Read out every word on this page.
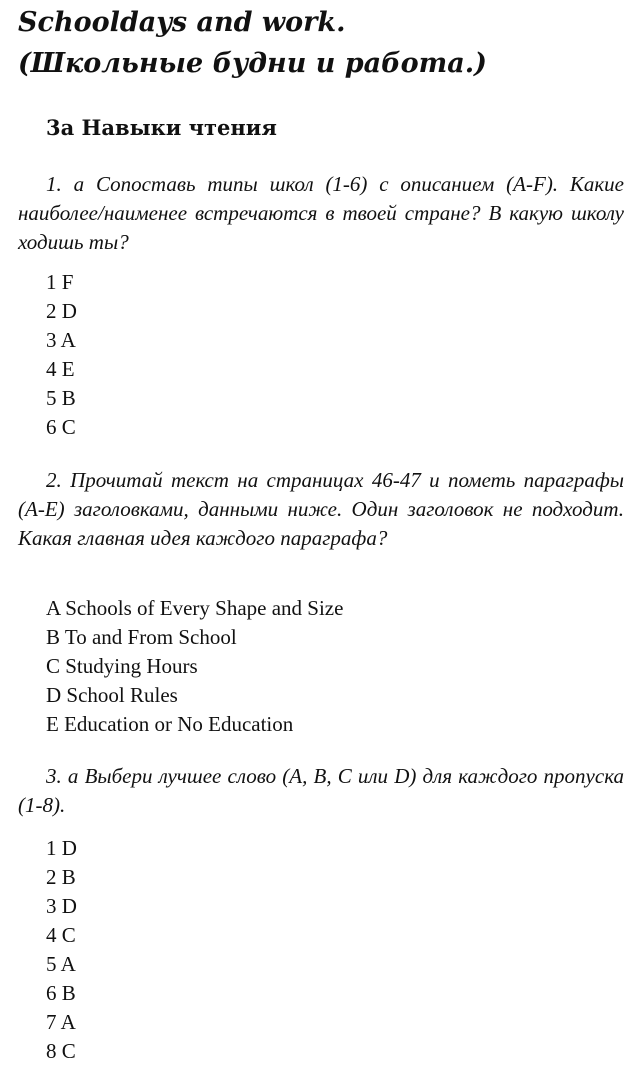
Schooldays and work.
(Школьные будни и работа.)
3a Навыки чтения

1. a Сопоставь типы школ (1-6) с описанием (A-F). Какие наиболее/наименее встречаются в твоей стране? В какую школу ходишь ты?

1 F
2 D
3 A
4 E
5 B
6 C

2. Прочитай текст на страницах 46-47 и пометь параграфы (A-E) заголовками, данными ниже. Один заголовок не подходит. Какая главная идея каждого параграфа?

A Schools of Every Shape and Size
B To and From School
C Studying Hours
D School Rules
E Education or No Education

3. a Выбери лучшее слово (A, B, C или D) для каждого пропуска (1-8).

1 D
2 B
3 D
4 C
5 A
6 B
7 A
8 C
